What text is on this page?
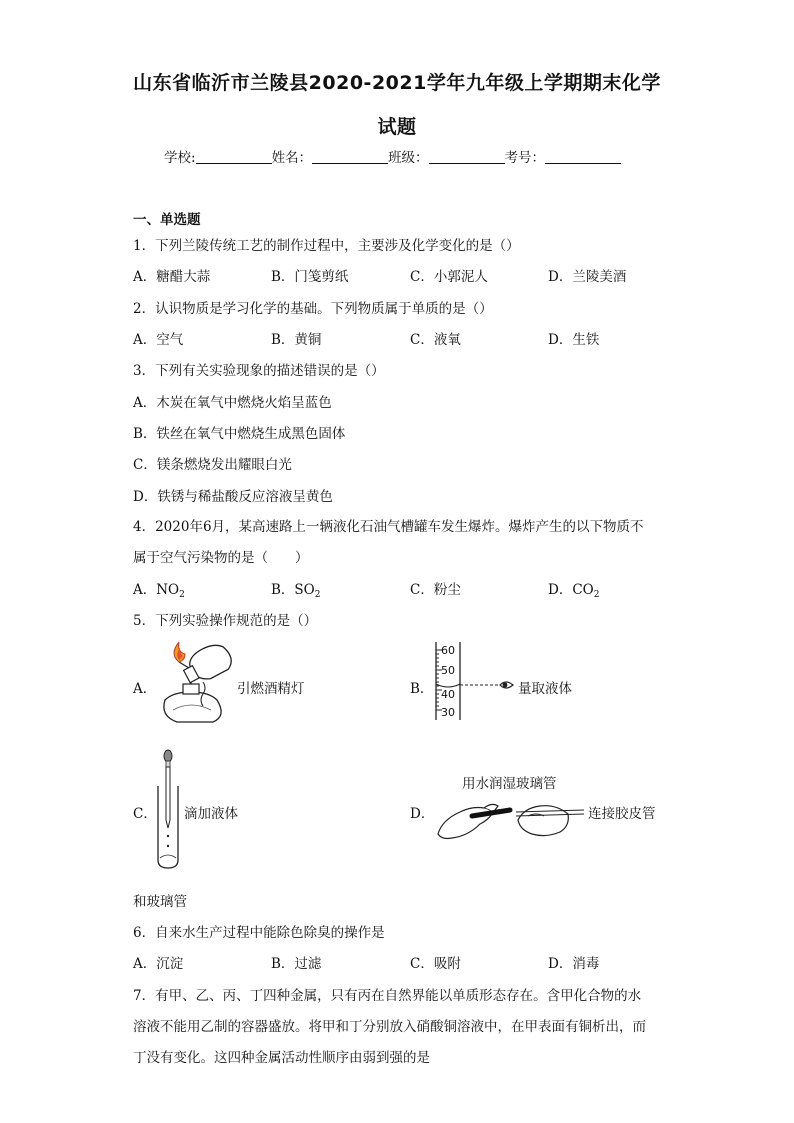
山东省临沂市兰陵县2020-2021学年九年级上学期期末化学
试题
学校:	姓名：	班级：	考号：
一、单选题
1．下列兰陵传统工艺的制作过程中，主要涉及化学变化的是（）
A．糖醋大蒜	B．门笺剪纸	C．小郭泥人	D．兰陵美酒
2．认识物质是学习化学的基础。下列物质属于单质的是（）
A．空气	B．黄铜	C．液氧	D．生铁
3．下列有关实验现象的描述错误的是（）
A．木炭在氧气中燃烧火焰呈蓝色
B．铁丝在氧气中燃烧生成黑色固体
C．镁条燃烧发出耀眼白光
D．铁锈与稀盐酸反应溶液呈黄色
4．2020年6月，某高速路上一辆液化石油气槽罐车发生爆炸。爆炸产生的以下物质不
属于空气污染物的是（　　）
A．$NO_2$	B．$SO_2$	C．粉尘	D．$CO_2$
5．下列实验操作规范的是（）
A．	引燃酒精灯	B．
60
50
40
30
量取液体
C． 滴加液体
用水润湿玻璃管
D．	连接胶皮管
和玻璃管
6．自来水生产过程中能除色除臭的操作是
A．沉淀	B．过滤	C．吸附	D．消毒
7．有甲、乙、丙、丁四种金属，只有丙在自然界能以单质形态存在。含甲化合物的水
溶液不能用乙制的容器盛放。将甲和丁分别放入硝酸铜溶液中，在甲表面有铜析出，而
丁没有变化。这四种金属活动性顺序由弱到强的是
